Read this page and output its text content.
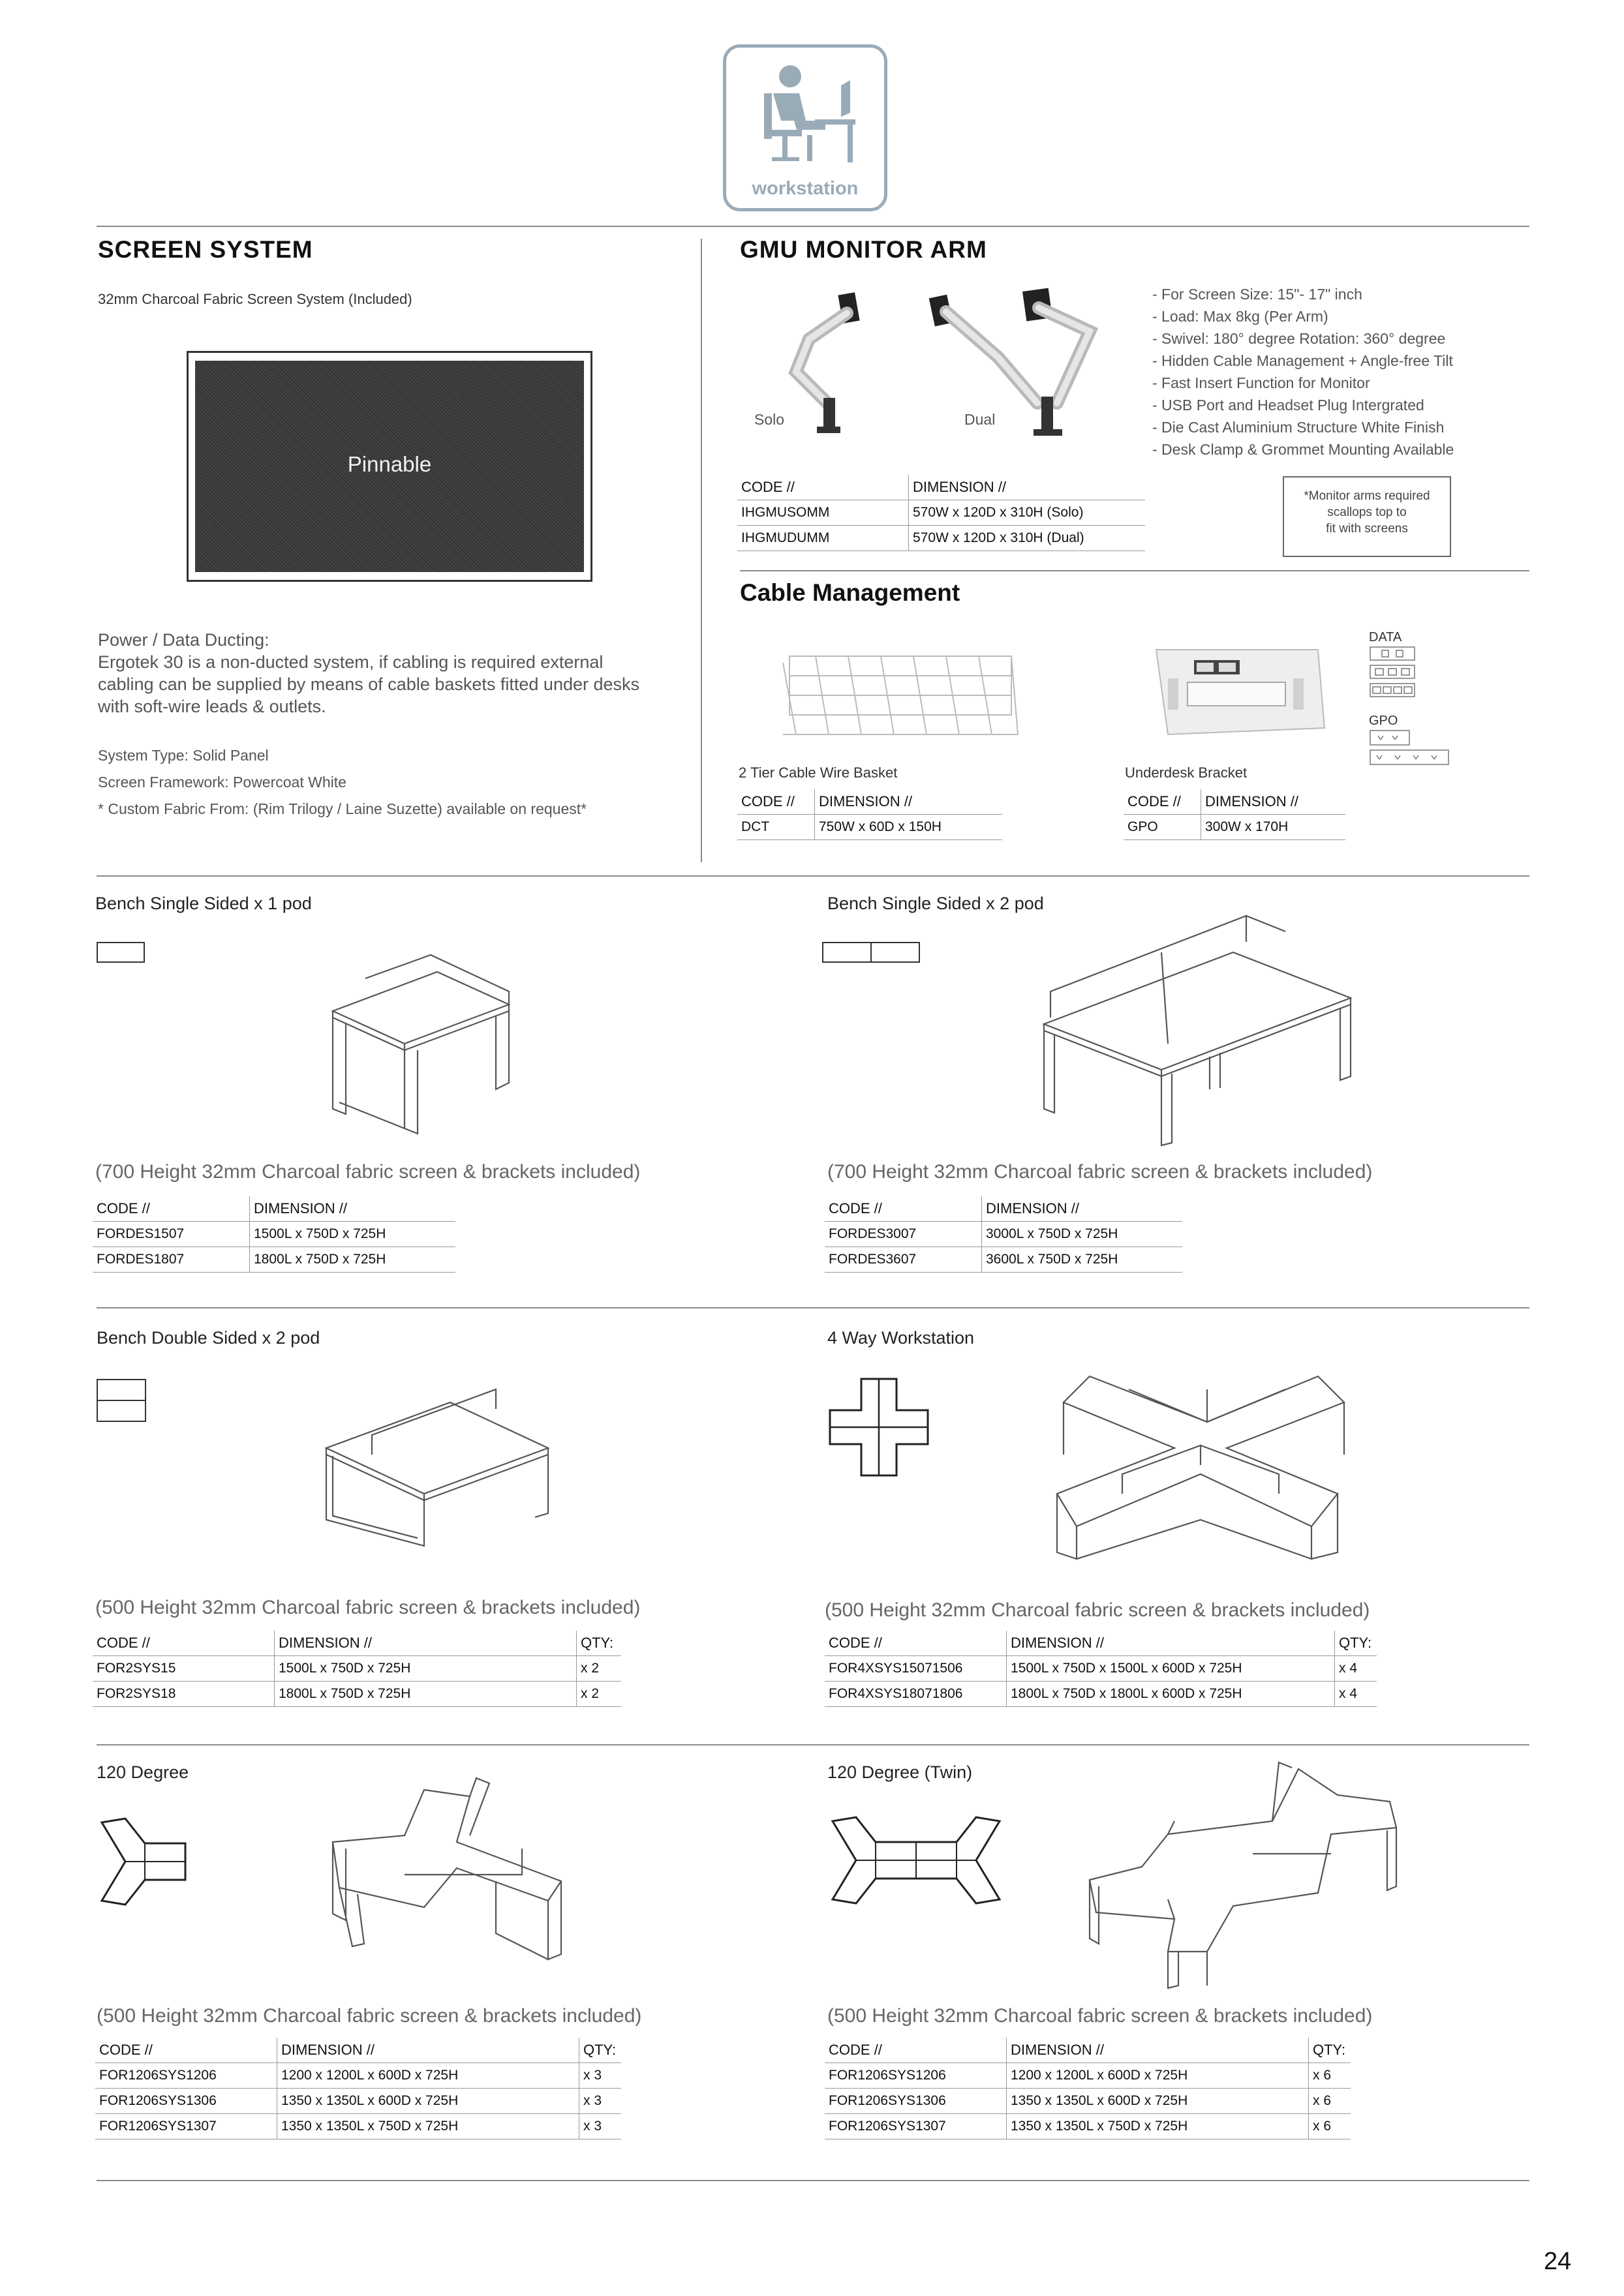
workstation
SCREEN SYSTEM
32mm Charcoal Fabric Screen System (Included)
Pinnable
Power / Data Ducting:
Ergotek 30 is a non-ducted system, if cabling is required external
cabling can be supplied by means of cable baskets fitted under desks
with soft-wire leads & outlets.
System Type: Solid Panel
Screen Framework: Powercoat White
* Custom Fabric From: (Rim Trilogy / Laine Suzette) available on request*
GMU MONITOR ARM
Solo	Dual
- For Screen Size: 15"- 17" inch
- Load: Max 8kg (Per Arm)
- Swivel: 180° degree Rotation: 360° degree
- Hidden Cable Management + Angle-free Tilt
- Fast Insert Function for Monitor
- USB Port and Headset Plug Intergrated
- Die Cast Aluminium Structure White Finish
- Desk Clamp & Grommet Mounting Available
*Monitor arms required
scallops top to
fit with screens
CODE //	DIMENSION //
IHGMUSOMM	570W x 120D x 310H (Solo)
IHGMUDUMM	570W x 120D x 310H (Dual)
Cable Management
2 Tier Cable Wire Basket	Underdesk Bracket
DATA
GPO
CODE //	DIMENSION //
DCT	750W x 60D x 150H
CODE //	DIMENSION //
GPO	300W x 170H
Bench Single Sided x 1 pod
(700 Height 32mm Charcoal fabric screen & brackets included)
CODE //	DIMENSION //
FORDES1507	1500L x 750D x 725H
FORDES1807	1800L x 750D x 725H
Bench Single Sided x 2 pod
(700 Height 32mm Charcoal fabric screen & brackets included)
CODE //	DIMENSION //
FORDES3007	3000L x 750D x 725H
FORDES3607	3600L x 750D x 725H
Bench Double Sided x 2 pod
(500 Height 32mm Charcoal fabric screen & brackets included)
CODE //	DIMENSION //	QTY:
FOR2SYS15	1500L x 750D x 725H	x 2
FOR2SYS18	1800L x 750D x 725H	x 2
4 Way Workstation
(500 Height 32mm Charcoal fabric screen & brackets included)
CODE //	DIMENSION //	QTY:
FOR4XSYS15071506	1500L x 750D x 1500L x 600D x 725H	x 4
FOR4XSYS18071806	1800L x 750D x 1800L x 600D x 725H	x 4
120 Degree
(500 Height 32mm Charcoal fabric screen & brackets included)
CODE //	DIMENSION //	QTY:
FOR1206SYS1206	1200 x 1200L x 600D x 725H	x 3
FOR1206SYS1306	1350 x 1350L x 600D x 725H	x 3
FOR1206SYS1307	1350 x 1350L x 750D x 725H	x 3
120 Degree (Twin)
(500 Height 32mm Charcoal fabric screen & brackets included)
CODE //	DIMENSION //	QTY:
FOR1206SYS1206	1200 x 1200L x 600D x 725H	x 6
FOR1206SYS1306	1350 x 1350L x 600D x 725H	x 6
FOR1206SYS1307	1350 x 1350L x 750D x 725H	x 6
24
